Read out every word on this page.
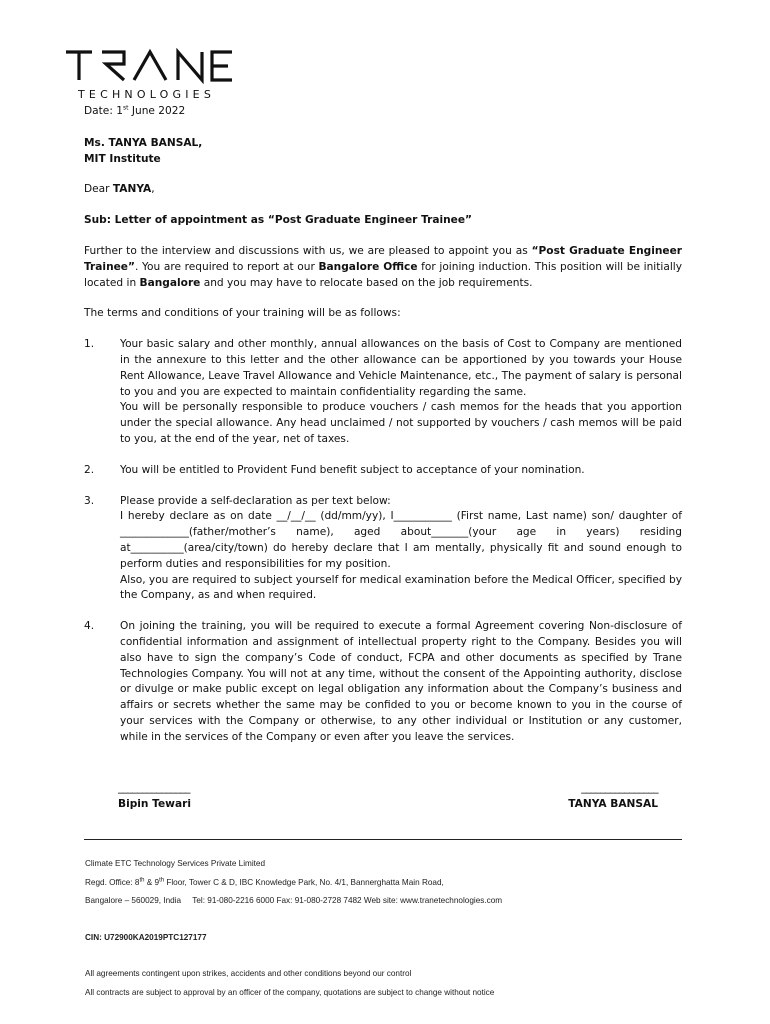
TECHNOLOGIES

Date: 1st June 2022

Ms. TANYA BANSAL,

MIT Institute

Dear TANYA,

Sub: Letter of appointment as “Post Graduate Engineer Trainee”

Further to the interview and discussions with us, we are pleased to appoint you as “Post Graduate Engineer Trainee”. You are required to report at our Bangalore Office for joining induction. This position will be initially located in Bangalore and you may have to relocate based on the job requirements.

The terms and conditions of your training will be as follows:

1. Your basic salary and other monthly, annual allowances on the basis of Cost to Company are mentioned in the annexure to this letter and the other allowance can be apportioned by you towards your House Rent Allowance, Leave Travel Allowance and Vehicle Maintenance, etc., The payment of salary is personal to you and you are expected to maintain confidentiality regarding the same.

You will be personally responsible to produce vouchers / cash memos for the heads that you apportion under the special allowance. Any head unclaimed / not supported by vouchers / cash memos will be paid to you, at the end of the year, net of taxes.

2. You will be entitled to Provident Fund benefit subject to acceptance of your nomination.

3. Please provide a self-declaration as per text below:

I hereby declare as on date __/__/__ (dd/mm/yy), I___________ (First name, Last name) son/ daughter of _____________(father/mother’s name), aged about_______(your age in years) residing at__________(area/city/town) do hereby declare that I am mentally, physically fit and sound enough to perform duties and responsibilities for my position.

Also, you are required to subject yourself for medical examination before the Medical Officer, specified by the Company, as and when required.

4. On joining the training, you will be required to execute a formal Agreement covering Non-disclosure of confidential information and assignment of intellectual property right to the Company. Besides you will also have to sign the company’s Code of conduct, FCPA and other documents as specified by Trane Technologies Company. You will not at any time, without the consent of the Appointing authority, disclose or divulge or make public except on legal obligation any information about the Company’s business and affairs or secrets whether the same may be confided to you or become known to you in the course of your services with the Company or otherwise, to any other individual or Institution or any customer, while in the services of the Company or even after you leave the services.

_______________
Bipin Tewari
________________
TANYA BANSAL
Climate ETC Technology Services Private Limited
Regd. Office: 8th & 9th Floor, Tower C & D, IBC Knowledge Park, No. 4/1, Bannerghatta Main Road,
Bangalore – 560029, India     Tel: 91-080-2216 6000 Fax: 91-080-2728 7482 Web site: www.tranetechnologies.com
CIN: U72900KA2019PTC127177
All agreements contingent upon strikes, accidents and other conditions beyond our control
All contracts are subject to approval by an officer of the company, quotations are subject to change without notice
